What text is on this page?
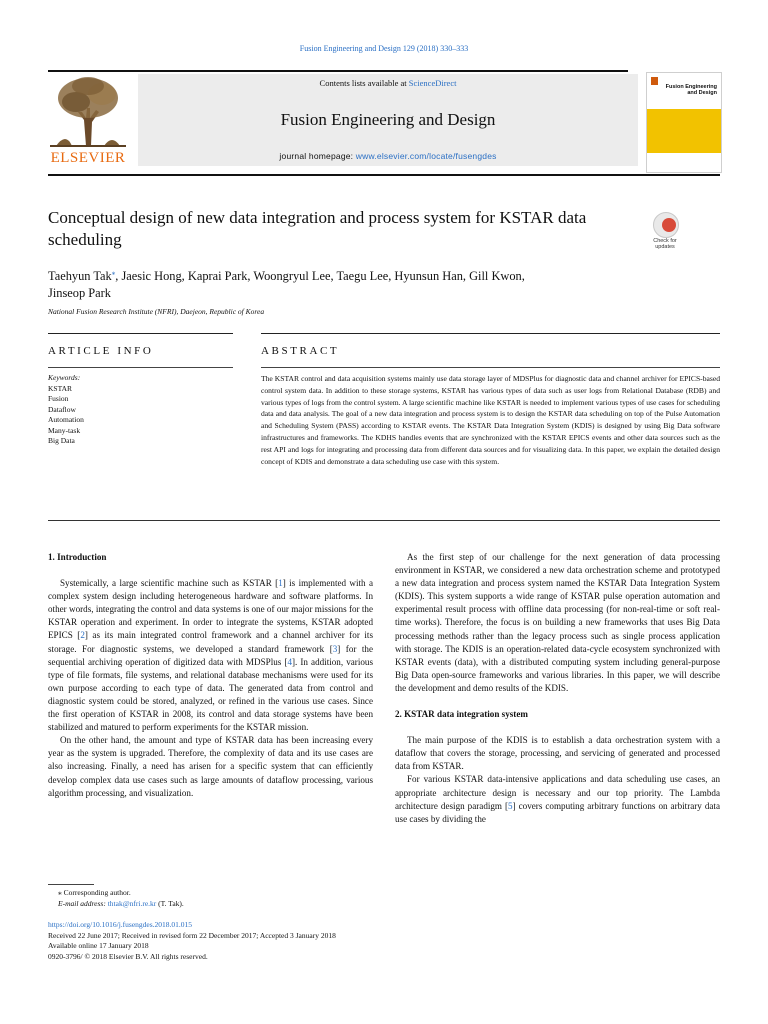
Fusion Engineering and Design 129 (2018) 330–333
ELSEVIER
Contents lists available at ScienceDirect
Fusion Engineering and Design
journal homepage: www.elsevier.com/locate/fusengdes
Fusion Engineering and Design
Conceptual design of new data integration and process system for KSTAR data scheduling	Check for updates
Taehyun Tak⁎, Jaesic Hong, Kaprai Park, Woongryul Lee, Taegu Lee, Hyunsun Han, Gill Kwon,
Jinseop Park
National Fusion Research Institute (NFRI), Daejeon, Republic of Korea
ARTICLE INFO	ABSTRACT
Keywords:
KSTAR
Fusion
Dataflow
Automation
Many-task
Big Data
The KSTAR control and data acquisition systems mainly use data storage layer of MDSPlus for diagnostic data and channel archiver for EPICS-based control system data. In addition to these storage systems, KSTAR has various types of data such as user logs from Relational Database (RDB) and various types of logs from the control system. A large scientific machine like KSTAR is needed to implement various types of use cases for scheduling data and data analysis. The goal of a new data integration and process system is to design the KSTAR data scheduling on top of the Pulse Automation and Scheduling System (PASS) according to KSTAR events. The KSTAR Data Integration System (KDIS) is designed by using Big Data software infrastructures and frameworks. The KDHS handles events that are synchronized with the KSTAR EPICS events and other data sources such as the rest API and logs for integrating and processing data from different data sources and for visualizing data. In this paper, we explain the detailed design concept of KDIS and demonstrate a data scheduling use case with this system.
1. Introduction

Systemically, a large scientific machine such as KSTAR [1] is implemented with a complex system design including heterogeneous hardware and software platforms. In other words, integrating the control and data systems is one of our major missions for the KSTAR operation and experiment. In order to integrate the systems, KSTAR adopted EPICS [2] as its main integrated control framework and a channel archiver for its storage. For diagnostic systems, we developed a standard framework [3] for the sequential archiving operation of digitized data with MDSPlus [4]. In addition, various type of file formats, file systems, and relational database mechanisms were used for its own purpose according to each type of data. The generated data from control and diagnostic system could be stored, analyzed, or refined in the various use cases. Since the first operation of KSTAR in 2008, its control and data storage systems have been stabilized and matured to perform experiments for the KSTAR mission.

On the other hand, the amount and type of KSTAR data has been increasing every year as the system is upgraded. Therefore, the complexity of data and its use cases are also increasing. Finally, a need has arisen for a specific system that can efficiently develop complex data use cases such as large amounts of dataflow processing, various algorithm processing, and visualization.

As the first step of our challenge for the next generation of data processing environment in KSTAR, we considered a new data orchestration scheme and prototyped a new data integration and process system named the KSTAR Data Integration System (KDIS). This system supports a wide range of KSTAR pulse operation automation and experimental result process with offline data processing (for non-real-time or soft real-time works). Therefore, the focus is on building a new frameworks that uses Big Data processing methods rather than the legacy process such as single process application with storage. The KDIS is an operation-related data-cycle ecosystem synchronized with KSTAR events (data), with a distributed computing system including general-purpose Big Data open-source frameworks and various libraries. In this paper, we will describe the development and demo results of the KDIS.

2. KSTAR data integration system

The main purpose of the KDIS is to establish a data orchestration system with a dataflow that covers the storage, processing, and servicing of generated and processed data from KSTAR.

For various KSTAR data-intensive applications and data scheduling use cases, an appropriate architecture design is necessary and our top priority. The Lambda architecture design paradigm [5] covers computing arbitrary functions on arbitrary data use cases by dividing the

⁎ Corresponding author.
E-mail address: thtak@nfri.re.kr (T. Tak).
https://doi.org/10.1016/j.fusengdes.2018.01.015
Received 22 June 2017; Received in revised form 22 December 2017; Accepted 3 January 2018
Available online 17 January 2018
0920-3796/ © 2018 Elsevier B.V. All rights reserved.
